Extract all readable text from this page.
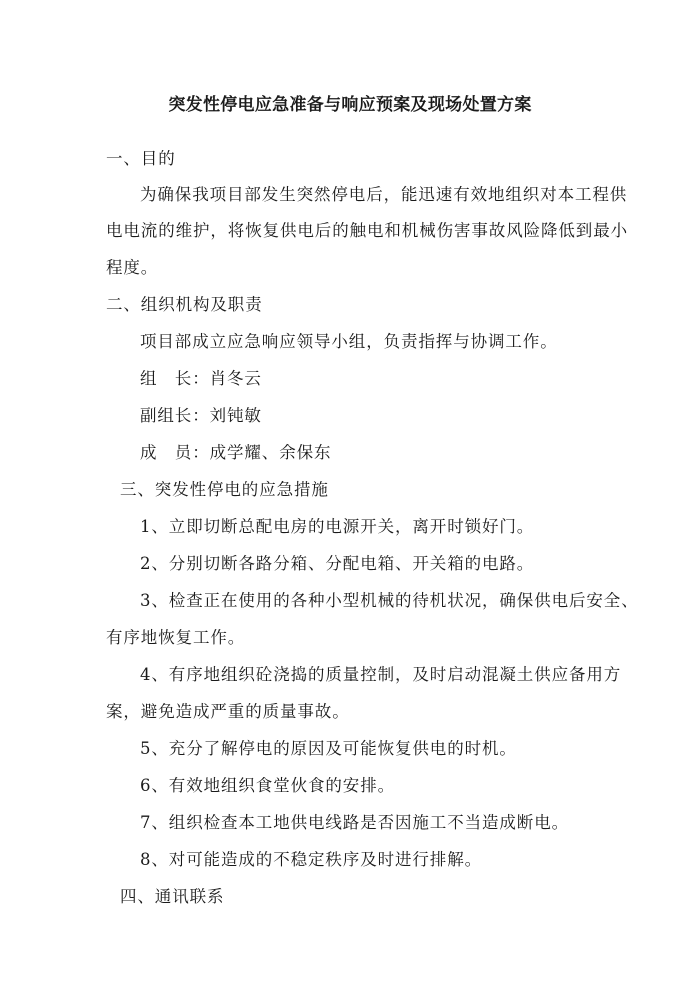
突发性停电应急准备与响应预案及现场处置方案
一、目的
为确保我项目部发生突然停电后，能迅速有效地组织对本工程供
电电流的维护，将恢复供电后的触电和机械伤害事故风险降低到最小
程度。
二、组织机构及职责
项目部成立应急响应领导小组，负责指挥与协调工作。
组　长：肖冬云
副组长：刘钝敏
成　员：成学耀、余保东
三、突发性停电的应急措施
1、立即切断总配电房的电源开关，离开时锁好门。
2、分别切断各路分箱、分配电箱、开关箱的电路。
3、检查正在使用的各种小型机械的待机状况，确保供电后安全、
有序地恢复工作。
4、有序地组织砼浇捣的质量控制，及时启动混凝土供应备用方
案，避免造成严重的质量事故。
5、充分了解停电的原因及可能恢复供电的时机。
6、有效地组织食堂伙食的安排。
7、组织检查本工地供电线路是否因施工不当造成断电。
8、对可能造成的不稳定秩序及时进行排解。
四、通讯联系
